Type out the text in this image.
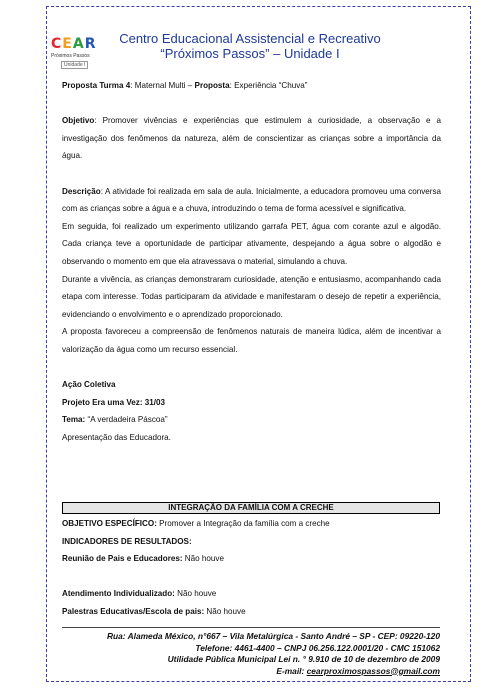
CEAR
Próximos Passos
Unidade I
Centro Educacional Assistencial e Recreativo
“Próximos Passos” – Unidade I

Proposta Turma 4: Maternal Multi – Proposta: Experiência “Chuva”

Objetivo: Promover vivências e experiências que estimulem a curiosidade, a observação e a investigação dos fenômenos da natureza, além de conscientizar as crianças sobre a importância da água.

Descrição: A atividade foi realizada em sala de aula. Inicialmente, a educadora promoveu uma conversa com as crianças sobre a água e a chuva, introduzindo o tema de forma acessível e significativa.

Em seguida, foi realizado um experimento utilizando garrafa PET, água com corante azul e algodão. Cada criança teve a oportunidade de participar ativamente, despejando a água sobre o algodão e observando o momento em que ela atravessava o material, simulando a chuva.

Durante a vivência, as crianças demonstraram curiosidade, atenção e entusiasmo, acompanhando cada etapa com interesse. Todas participaram da atividade e manifestaram o desejo de repetir a experiência, evidenciando o envolvimento e o aprendizado proporcionado.

A proposta favoreceu a compreensão de fenômenos naturais de maneira lúdica, além de incentivar a valorização da água como um recurso essencial.

Ação Coletiva

Projeto Era uma Vez: 31/03

Tema: “A verdadeira Páscoa”

Apresentação das Educadora.

INTEGRAÇÃO DA FAMÍLIA COM A CRECHE

OBJETIVO ESPECÍFICO: Promover a Integração da família com a creche

INDICADORES DE RESULTADOS:

Reunião de Pais e Educadores: Não houve

Atendimento Individualizado: Não houve

Palestras Educativas/Escola de pais: Não houve

Rua: Alameda México, n°667 – Vila Metalúrgica - Santo André – SP - CEP: 09220-120
Telefone: 4461-4400 – CNPJ 06.256.122.0001/20 - CMC 151062
Utilidade Pública Municipal Lei n. ° 9.910 de 10 de dezembro de 2009
E-mail: cearproximospassos@gmail.com
